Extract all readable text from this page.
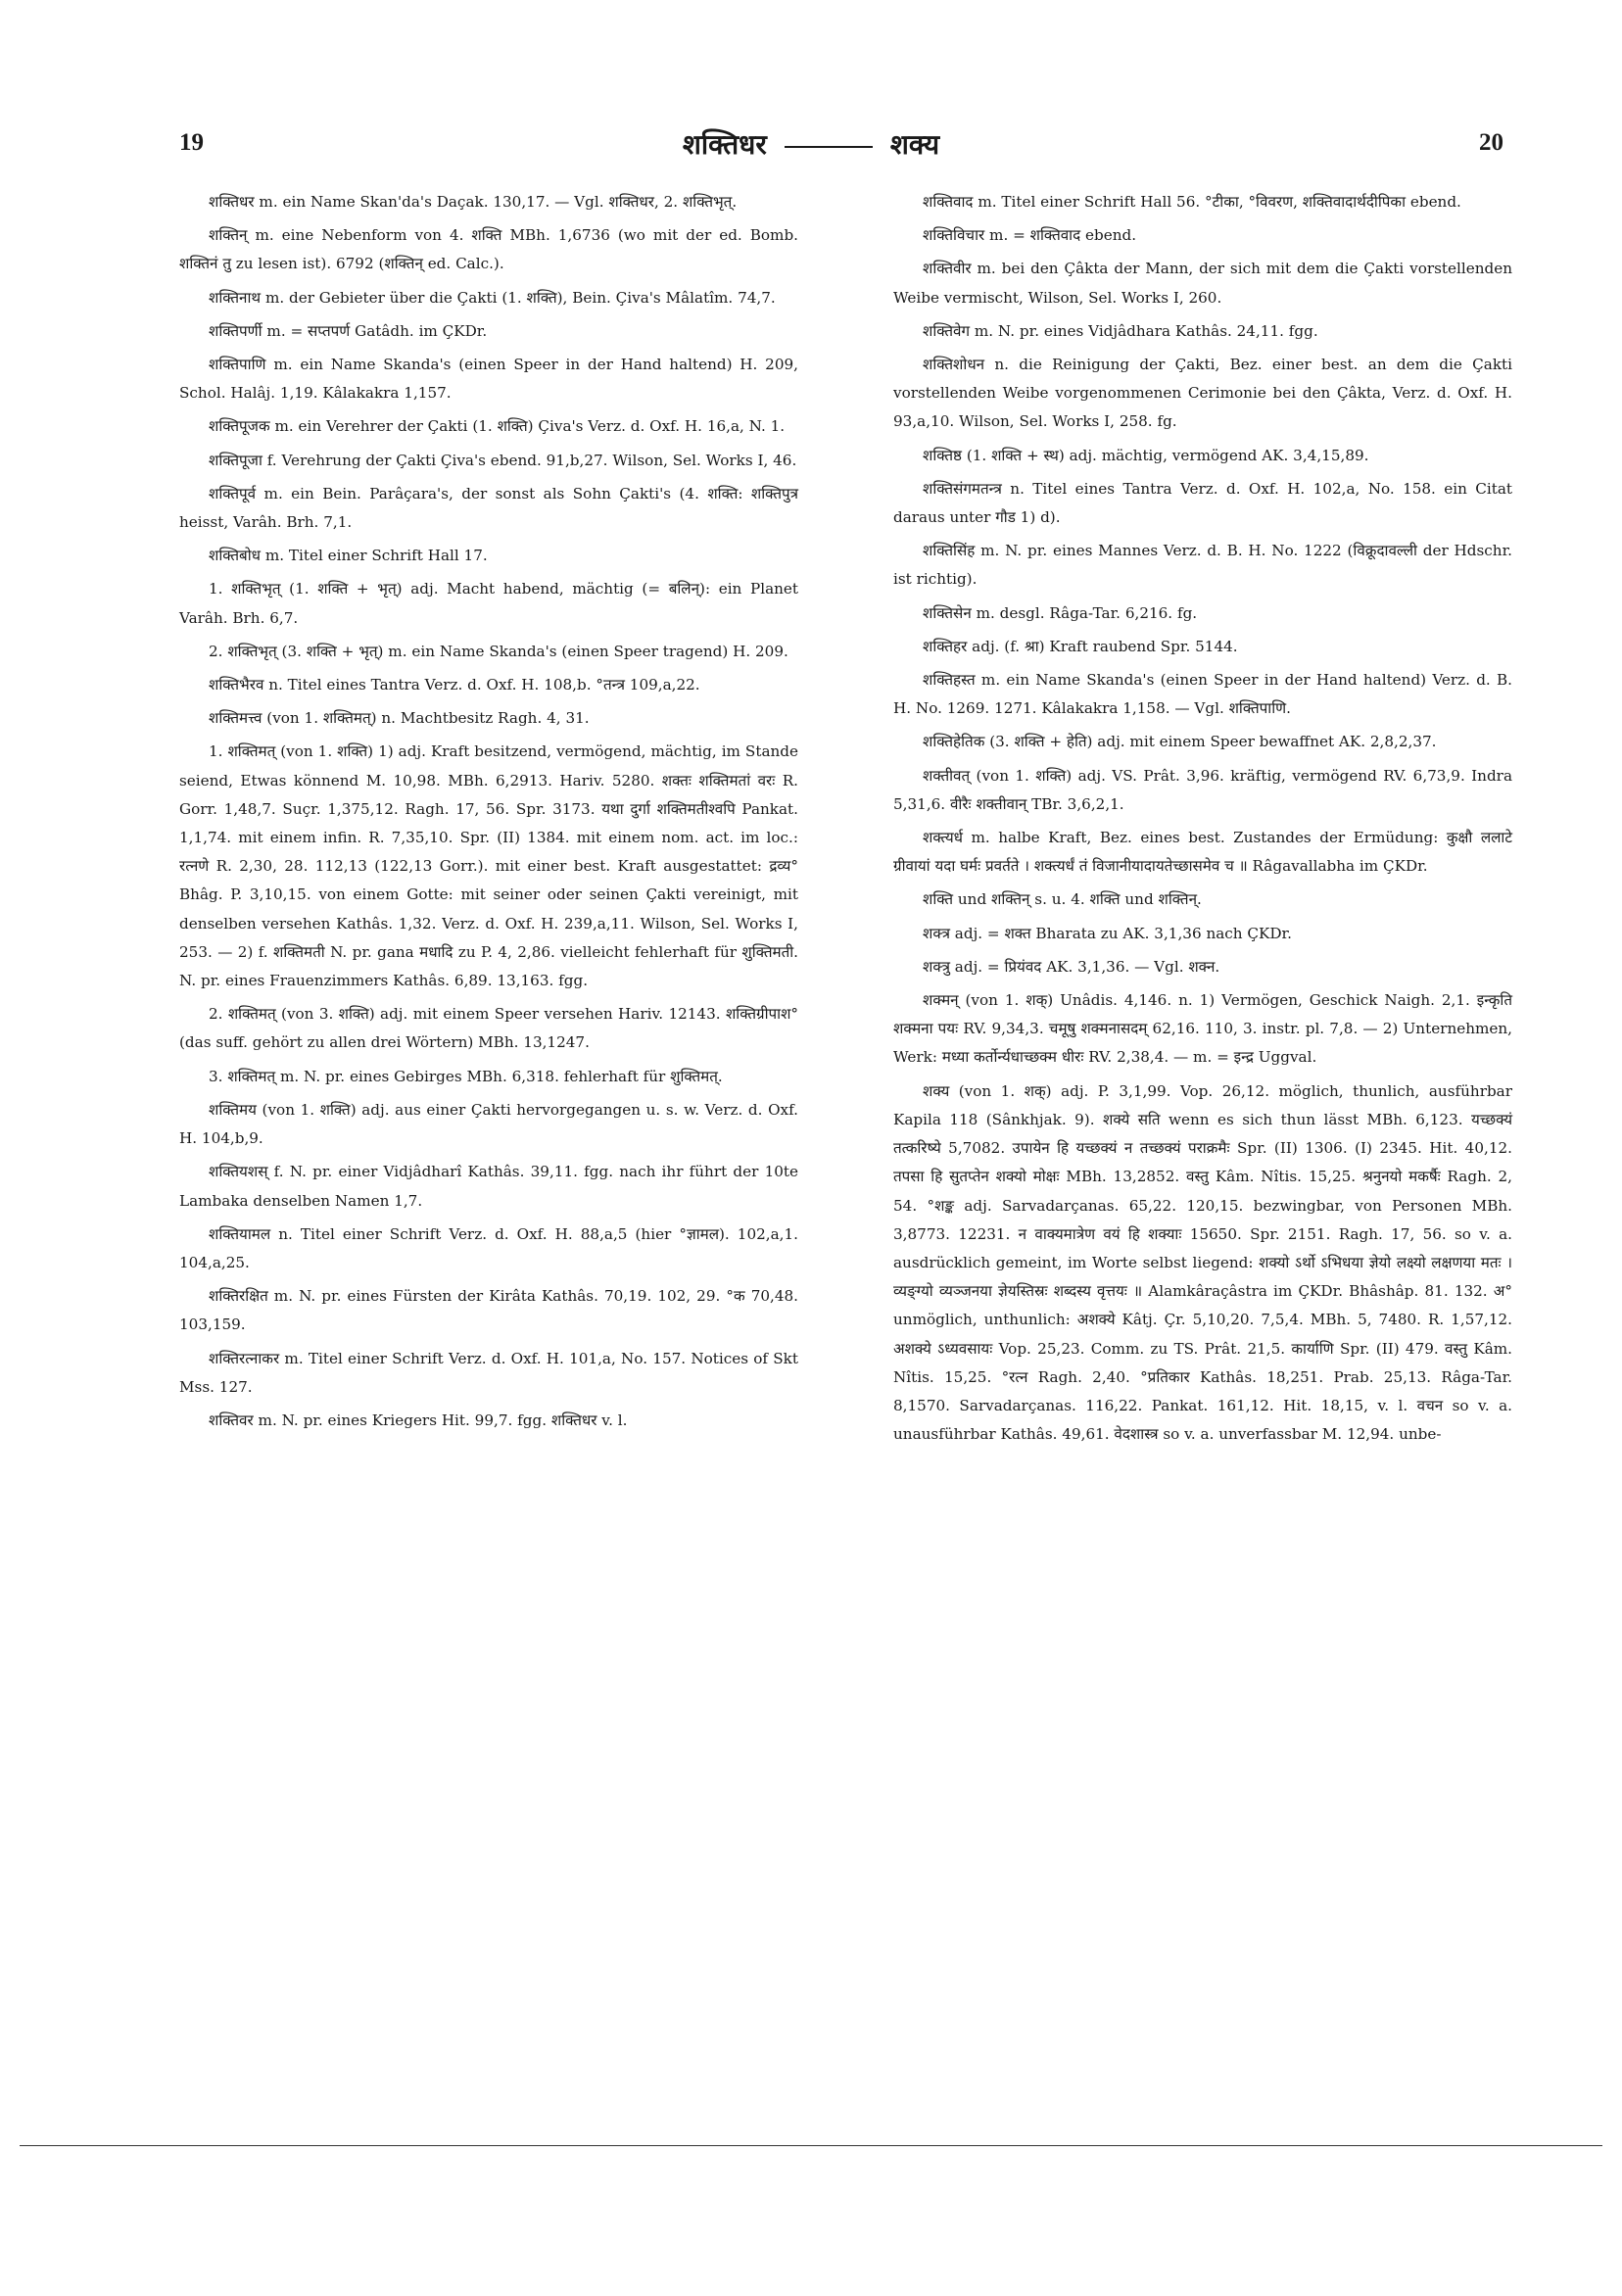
19	शक्तिधर	शक्य	20

शक्तिधर m. ein Name Skan'da's Daçak. 130,17. — Vgl. शक्तिधर, 2. शक्तिभृत्.

शक्तिन् m. eine Nebenform von 4. शक्ति MBh. 1,6736 (wo mit der ed. Bomb. शक्तिनं तु zu lesen ist). 6792 (शक्तिन् ed. Calc.).

शक्तिनाथ m. der Gebieter über die Çakti (1. शक्ति), Bein. Çiva's Mâlatîm. 74,7.

शक्तिपर्णी m. = सप्तपर्ण Gatâdh. im ÇKDr.

शक्तिपाणि m. ein Name Skanda's (einen Speer in der Hand haltend) H. 209, Schol. Halâj. 1,19. Kâlakakra 1,157.

शक्तिपूजक m. ein Verehrer der Çakti (1. शक्ति) Çiva's Verz. d. Oxf. H. 16,a, N. 1.

शक्तिपूजा f. Verehrung der Çakti Çiva's ebend. 91,b,27. Wilson, Sel. Works I, 46.

शक्तिपूर्व m. ein Bein. Parâçara's, der sonst als Sohn Çakti's (4. शक्ति: शक्तिपुत्र heisst, Varâh. Brh. 7,1.

शक्तिबोध m. Titel einer Schrift Hall 17.

1. शक्तिभृत् (1. शक्ति + भृत्) adj. Macht habend, mächtig (= बलिन्): ein Planet Varâh. Brh. 6,7.

2. शक्तिभृत् (3. शक्ति + भृत्) m. ein Name Skanda's (einen Speer tragend) H. 209.

शक्तिभैरव n. Titel eines Tantra Verz. d. Oxf. H. 108,b. °तन्त्र 109,a,22.

शक्तिमत्त्व (von 1. शक्तिमत्) n. Machtbesitz Ragh. 4, 31.

1. शक्तिमत् (von 1. शक्ति) 1) adj. Kraft besitzend, vermögend, mächtig, im Stande seiend, Etwas könnend M. 10,98. MBh. 6,2913. Hariv. 5280. शक्तः शक्तिमतां वरः R. Gorr. 1,48,7. Suçr. 1,375,12. Ragh. 17, 56. Spr. 3173. यथा दुर्गा शक्तिमतीश्वपि Pankat. 1,1,74. mit einem infin. R. 7,35,10. Spr. (II) 1384. mit einem nom. act. im loc.: रत्नणे R. 2,30, 28. 112,13 (122,13 Gorr.). mit einer best. Kraft ausgestattet: द्रव्य° Bhâg. P. 3,10,15. von einem Gotte: mit seiner oder seinen Çakti vereinigt, mit denselben versehen Kathâs. 1,32. Verz. d. Oxf. H. 239,a,11. Wilson, Sel. Works I, 253. — 2) f. शक्तिमती N. pr. gana मधादि zu P. 4, 2,86. vielleicht fehlerhaft für शुक्तिमती. N. pr. eines Frauenzimmers Kathâs. 6,89. 13,163. fgg.

2. शक्तिमत् (von 3. शक्ति) adj. mit einem Speer versehen Hariv. 12143. शक्तिग्रीपाश° (das suff. gehört zu allen drei Wörtern) MBh. 13,1247.

3. शक्तिमत् m. N. pr. eines Gebirges MBh. 6,318. fehlerhaft für शुक्तिमत्.

शक्तिमय (von 1. शक्ति) adj. aus einer Çakti hervorgegangen u. s. w. Verz. d. Oxf. H. 104,b,9.

शक्तियशस् f. N. pr. einer Vidjâdharî Kathâs. 39,11. fgg. nach ihr führt der 10te Lambaka denselben Namen 1,7.

शक्तियामल n. Titel einer Schrift Verz. d. Oxf. H. 88,a,5 (hier °ज्ञामल). 102,a,1. 104,a,25.

शक्तिरक्षित m. N. pr. eines Fürsten der Kirâta Kathâs. 70,19. 102, 29. °क 70,48. 103,159.

शक्तिरत्नाकर m. Titel einer Schrift Verz. d. Oxf. H. 101,a, No. 157. Notices of Skt Mss. 127.

शक्तिवर m. N. pr. eines Kriegers Hit. 99,7. fgg. शक्तिधर v. l.

शक्तिवाद m. Titel einer Schrift Hall 56. °टीका, °विवरण, शक्तिवादार्थदीपिका ebend.

शक्तिविचार m. = शक्तिवाद ebend.

शक्तिवीर m. bei den Çâkta der Mann, der sich mit dem die Çakti vorstellenden Weibe vermischt, Wilson, Sel. Works I, 260.

शक्तिवेग m. N. pr. eines Vidjâdhara Kathâs. 24,11. fgg.

शक्तिशोधन n. die Reinigung der Çakti, Bez. einer best. an dem die Çakti vorstellenden Weibe vorgenommenen Cerimonie bei den Çâkta, Verz. d. Oxf. H. 93,a,10. Wilson, Sel. Works I, 258. fg.

शक्तिष्ठ (1. शक्ति + स्थ) adj. mächtig, vermögend AK. 3,4,15,89.

शक्तिसंगमतन्त्र n. Titel eines Tantra Verz. d. Oxf. H. 102,a, No. 158. ein Citat daraus unter गौड 1) d).

शक्तिसिंह m. N. pr. eines Mannes Verz. d. B. H. No. 1222 (विक्रूदावल्ली der Hdschr. ist richtig).

शक्तिसेन m. desgl. Râga-Tar. 6,216. fg.

शक्तिहर adj. (f. श्रा) Kraft raubend Spr. 5144.

शक्तिहस्त m. ein Name Skanda's (einen Speer in der Hand haltend) Verz. d. B. H. No. 1269. 1271. Kâlakakra 1,158. — Vgl. शक्तिपाणि.

शक्तिहेतिक (3. शक्ति + हेति) adj. mit einem Speer bewaffnet AK. 2,8,2,37.

शक्तीवत् (von 1. शक्ति) adj. VS. Prât. 3,96. kräftig, vermögend RV. 6,73,9. Indra 5,31,6. वीरैः शक्तीवान् TBr. 3,6,2,1.

शक्त्यर्ध m. halbe Kraft, Bez. eines best. Zustandes der Ermüdung: कुक्षौ ललाटे ग्रीवायां यदा घर्मः प्रवर्तते । शक्त्यर्धं तं विजानीयादायतेच्छासमेव च ॥ Râgavallabha im ÇKDr.

शक्ति und शक्तिन् s. u. 4. शक्ति und शक्तिन्.

शक्त्र adj. = शक्त Bharata zu AK. 3,1,36 nach ÇKDr.

शक्त्रु adj. = प्रियंवद AK. 3,1,36. — Vgl. शक्न.

शक्मन् (von 1. शक्) Unâdis. 4,146. n. 1) Vermögen, Geschick Naigh. 2,1. इन्कृति शक्मना पयः RV. 9,34,3. चमूषु शक्मनासदम् 62,16. 110, 3. instr. pl. 7,8. — 2) Unternehmen, Werk: मध्या कर्तोर्न्यधाच्छक्म धीरः RV. 2,38,4. — m. = इन्द्र Uggval.

शक्य (von 1. शक्) adj. P. 3,1,99. Vop. 26,12. möglich, thunlich, ausführbar Kapila 118 (Sânkhjak. 9). शक्ये सति wenn es sich thun lässt MBh. 6,123. यच्छक्यं तत्करिष्ये 5,7082. उपायेन हि यच्छक्यं न तच्छक्यं पराक्रमैः Spr. (II) 1306. (I) 2345. Hit. 40,12. तपसा हि सुतप्तेन शक्यो मोक्षः MBh. 13,2852. वस्तु Kâm. Nîtis. 15,25. श्रनुनयो मकर्षैः Ragh. 2, 54. °शङ्क adj. Sarvadarçanas. 65,22. 120,15. bezwingbar, von Personen MBh. 3,8773. 12231. न वाक्यमात्रेण वयं हि शक्याः 15650. Spr. 2151. Ragh. 17, 56. so v. a. ausdrücklich gemeint, im Worte selbst liegend: शक्यो ऽर्थो ऽभिधया ज्ञेयो लक्ष्यो लक्षणया मतः । व्यङ्ग्यो व्यञ्जनया ज्ञेयस्तिस्रः शब्दस्य वृत्तयः ॥ Alamkâraçâstra im ÇKDr. Bhâshâp. 81. 132. अ° unmöglich, unthunlich: अशक्ये Kâtj. Çr. 5,10,20. 7,5,4. MBh. 5, 7480. R. 1,57,12. अशक्ये ऽध्यवसायः Vop. 25,23. Comm. zu TS. Prât. 21,5. कार्याणि Spr. (II) 479. वस्तु Kâm. Nîtis. 15,25. °रत्न Ragh. 2,40. °प्रतिकार Kathâs. 18,251. Prab. 25,13. Râga-Tar. 8,1570. Sarvadarçanas. 116,22. Pankat. 161,12. Hit. 18,15, v. l. वचन so v. a. unausführbar Kathâs. 49,61. वेदशास्त्र so v. a. unverfassbar M. 12,94. unbe-
